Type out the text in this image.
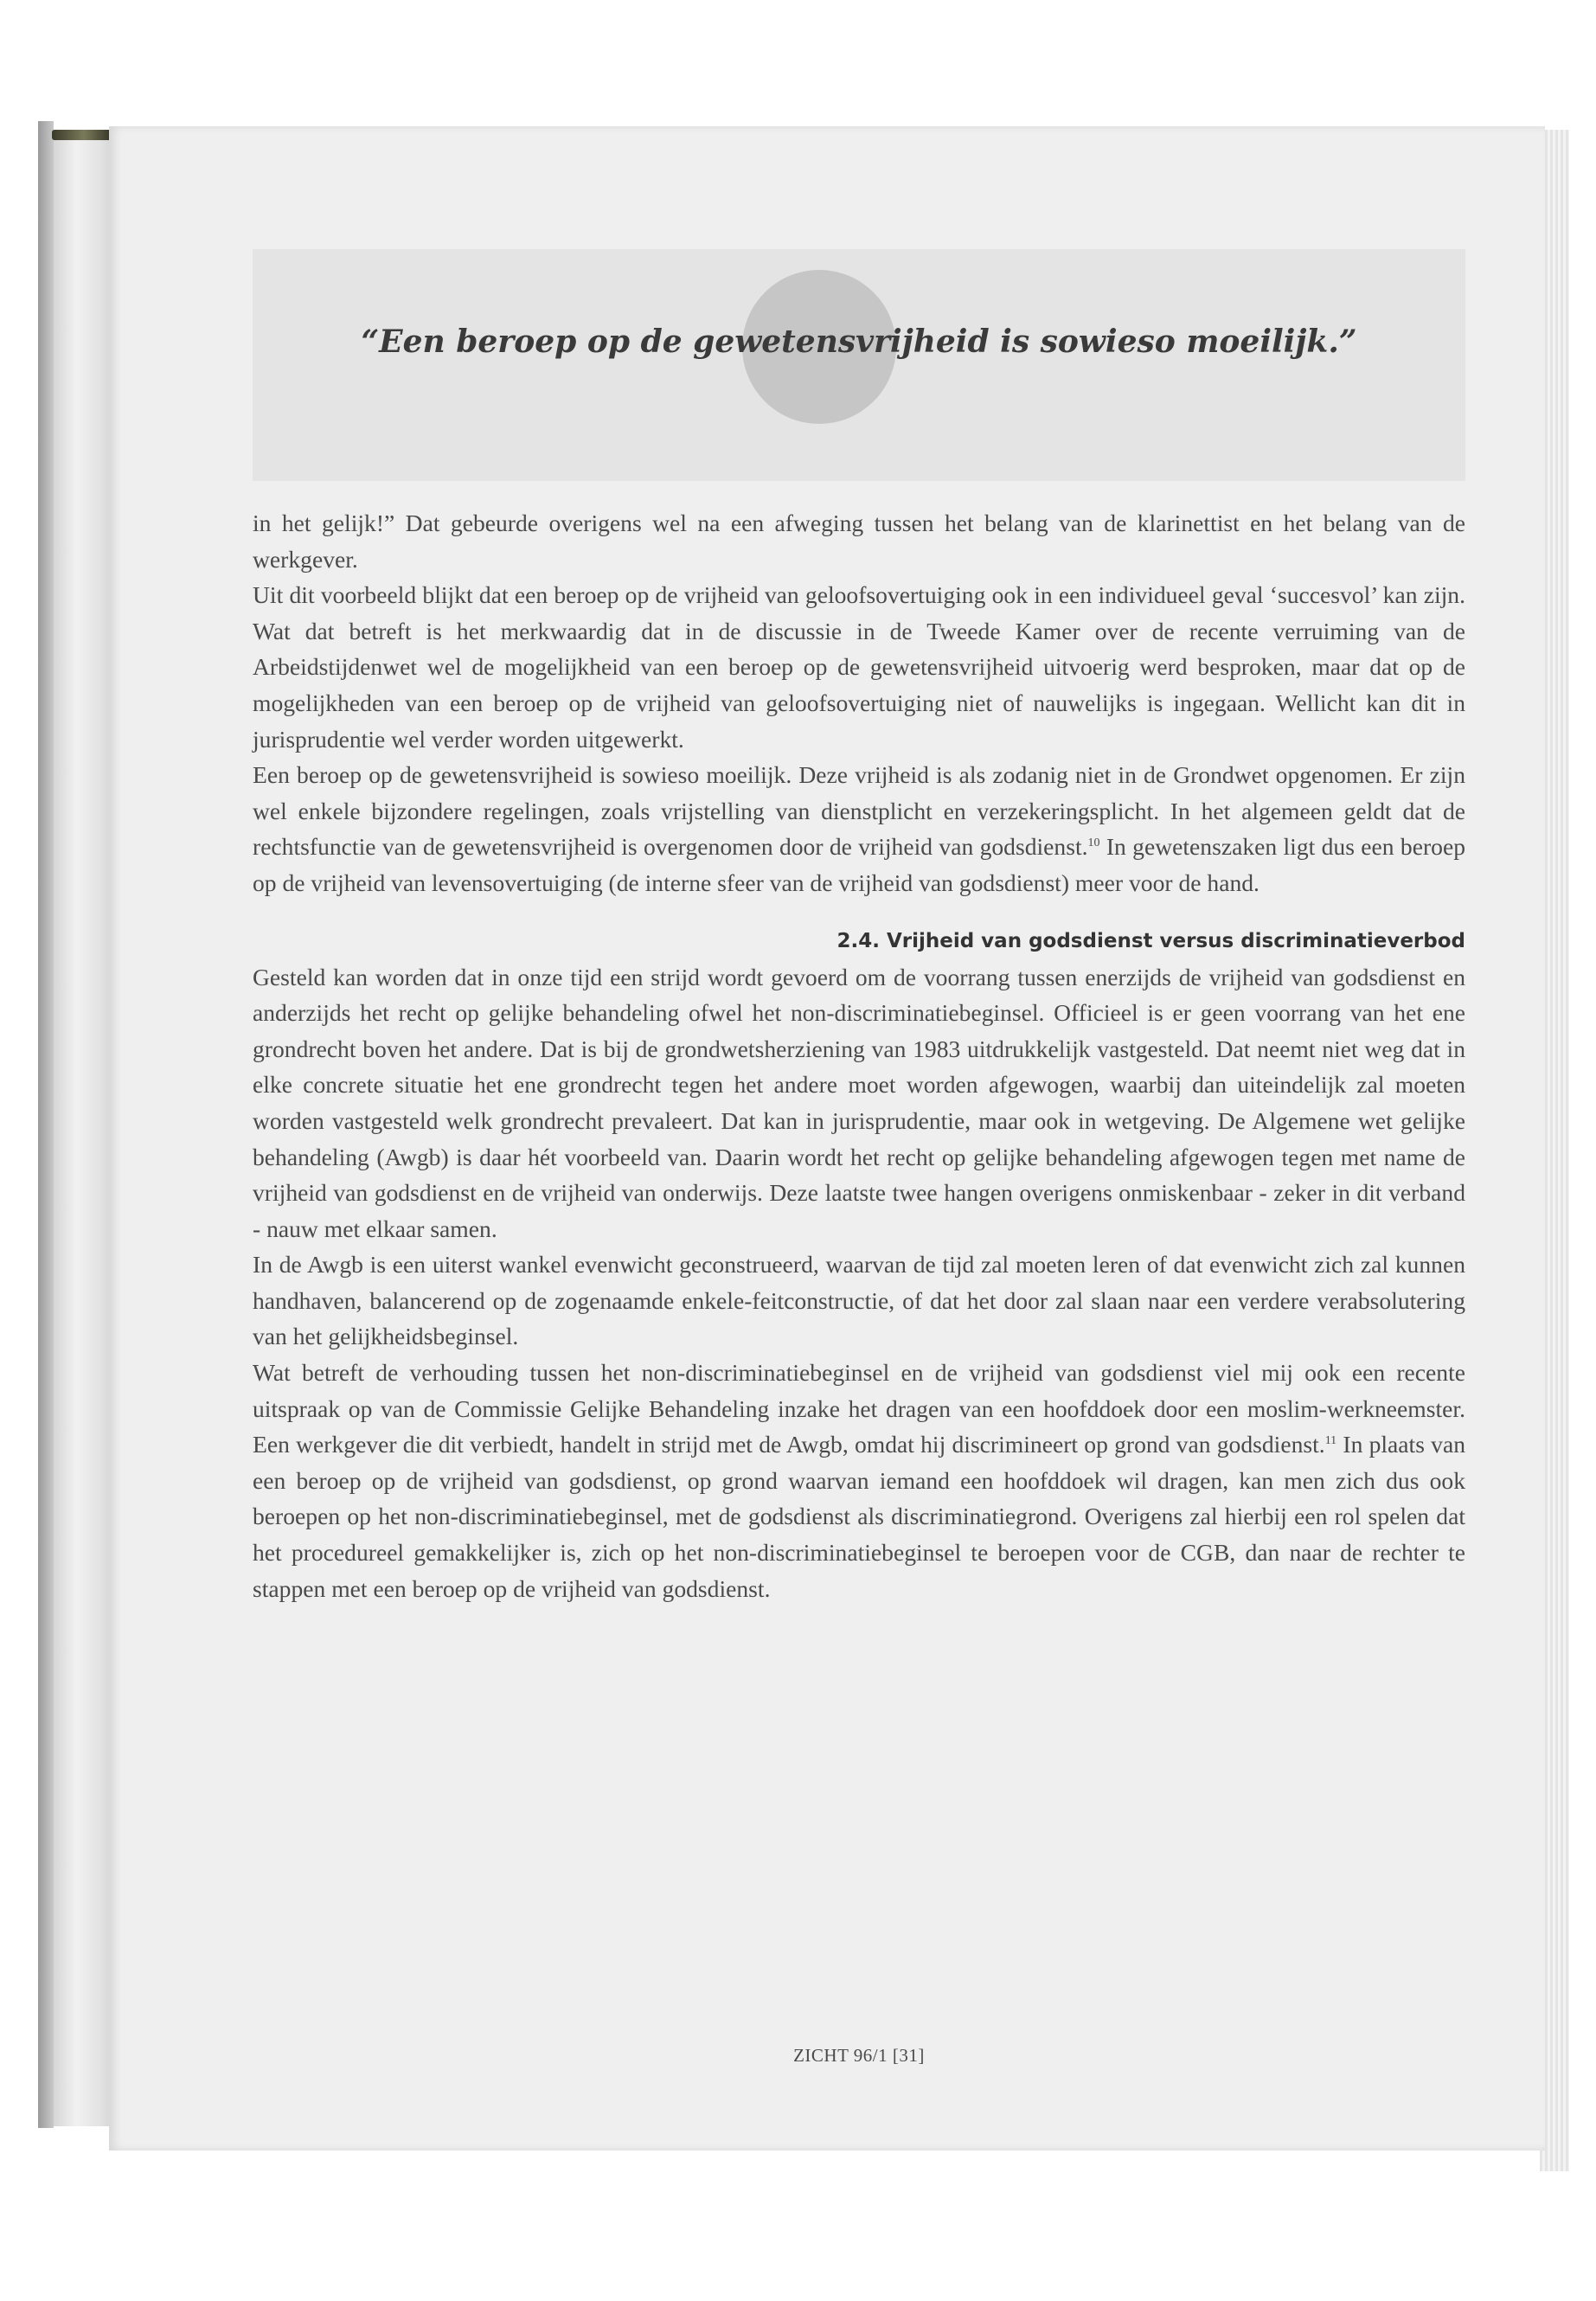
“Een beroep op de gewetensvrijheid is sowieso moeilijk.”

in het gelijk!” Dat gebeurde overigens wel na een afweging tussen het belang van de klarinettist en het belang van de werkgever.

Uit dit voorbeeld blijkt dat een beroep op de vrijheid van geloofsovertuiging ook in een individueel geval ‘succesvol’ kan zijn. Wat dat betreft is het merkwaardig dat in de discussie in de Tweede Kamer over de recente verruiming van de Arbeidstijdenwet wel de mogelijkheid van een beroep op de gewetensvrijheid uitvoerig werd besproken, maar dat op de mogelijkheden van een beroep op de vrijheid van geloofsovertuiging niet of nauwelijks is ingegaan. Wellicht kan dit in jurisprudentie wel verder worden uitgewerkt.

Een beroep op de gewetensvrijheid is sowieso moeilijk. Deze vrijheid is als zodanig niet in de Grondwet opgenomen. Er zijn wel enkele bijzondere regelingen, zoals vrijstelling van dienstplicht en verzekeringsplicht. In het algemeen geldt dat de rechtsfunctie van de gewetensvrijheid is overgenomen door de vrijheid van godsdienst.$^{10}$ In gewetenszaken ligt dus een beroep op de vrijheid van levensovertuiging (de interne sfeer van de vrijheid van godsdienst) meer voor de hand.

2.4. Vrijheid van godsdienst versus discriminatieverbod

Gesteld kan worden dat in onze tijd een strijd wordt gevoerd om de voorrang tussen enerzijds de vrijheid van godsdienst en anderzijds het recht op gelijke behandeling ofwel het non-discriminatiebeginsel. Officieel is er geen voorrang van het ene grondrecht boven het andere. Dat is bij de grondwetsherziening van 1983 uitdrukkelijk vastgesteld. Dat neemt niet weg dat in elke concrete situatie het ene grondrecht tegen het andere moet worden afgewogen, waarbij dan uiteindelijk zal moeten worden vastgesteld welk grondrecht prevaleert. Dat kan in jurisprudentie, maar ook in wetgeving. De Algemene wet gelijke behandeling (Awgb) is daar hét voorbeeld van. Daarin wordt het recht op gelijke behandeling afgewogen tegen met name de vrijheid van godsdienst en de vrijheid van onderwijs. Deze laatste twee hangen overigens onmiskenbaar - zeker in dit verband - nauw met elkaar samen.

In de Awgb is een uiterst wankel evenwicht geconstrueerd, waarvan de tijd zal moeten leren of dat evenwicht zich zal kunnen handhaven, balancerend op de zogenaamde enkele-feitconstructie, of dat het door zal slaan naar een verdere verabsolutering van het gelijkheidsbeginsel.

Wat betreft de verhouding tussen het non-discriminatiebeginsel en de vrijheid van godsdienst viel mij ook een recente uitspraak op van de Commissie Gelijke Behandeling inzake het dragen van een hoofddoek door een moslim-werkneemster. Een werkgever die dit verbiedt, handelt in strijd met de Awgb, omdat hij discrimineert op grond van godsdienst.$^{11}$ In plaats van een beroep op de vrijheid van godsdienst, op grond waarvan iemand een hoofddoek wil dragen, kan men zich dus ook beroepen op het non-discriminatiebeginsel, met de godsdienst als discriminatiegrond. Overigens zal hierbij een rol spelen dat het procedureel gemakkelijker is, zich op het non-discriminatiebeginsel te beroepen voor de CGB, dan naar de rechter te stappen met een beroep op de vrijheid van godsdienst.

ZICHT 96/1 [31]
